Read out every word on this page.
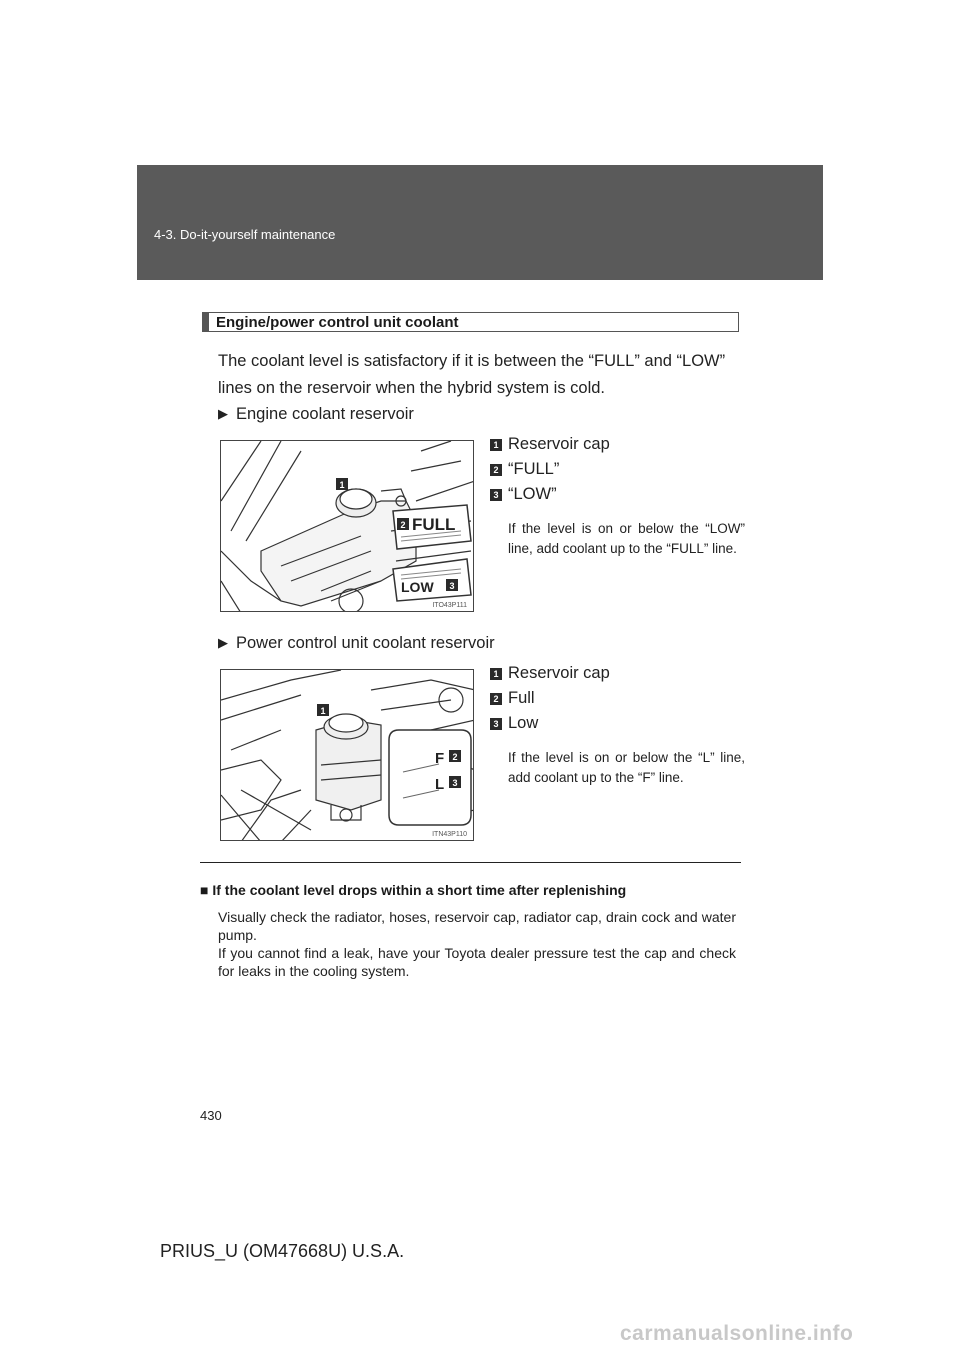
4-3. Do-it-yourself maintenance
Engine/power control unit coolant
The coolant level is satisfactory if it is between the “FULL” and “LOW” lines on the reservoir when the hybrid system is cold.
▶ Engine coolant reservoir
1
2 FULL
LOW 3
ITO43P111
1 Reservoir cap
2 “FULL”
3 “LOW”
If the level is on or below the “LOW” line, add coolant up to the “FULL” line.
▶ Power control unit coolant reservoir
1
F 2
L 3
ITN43P110
1 Reservoir cap
2 Full
3 Low
If the level is on or below the “L” line, add coolant up to the “F” line.
■ If the coolant level drops within a short time after replenishing
Visually check the radiator, hoses, reservoir cap, radiator cap, drain cock and water pump.
If you cannot find a leak, have your Toyota dealer pressure test the cap and check for leaks in the cooling system.
430
PRIUS_U (OM47668U) U.S.A.
carmanualsonline.info
